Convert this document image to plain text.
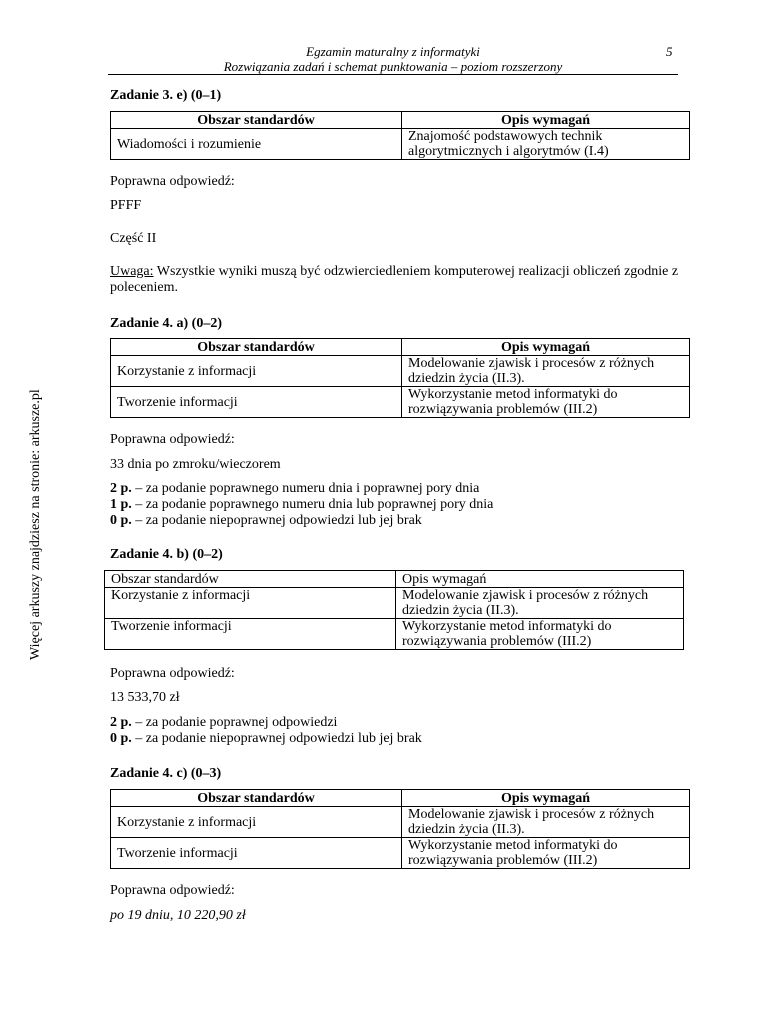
Egzamin maturalny z informatyki
Rozwiązania zadań i schemat punktowania – poziom rozszerzony
5
Więcej arkuszy znajdziesz na stronie: arkusze.pl
Zadanie 3. e) (0–1)
Obszar standardów	Opis wymagań
Wiadomości i rozumienie	Znajomość podstawowych technik algorytmicznych i algorytmów (I.4)
Poprawna odpowiedź:
PFFF
Część II
Uwaga: Wszystkie wyniki muszą być odzwierciedleniem komputerowej realizacji obliczeń zgodnie z poleceniem.
Zadanie 4. a) (0–2)
Obszar standardów	Opis wymagań
Korzystanie z informacji	Modelowanie zjawisk i procesów z różnych dziedzin życia (II.3).
Tworzenie informacji	Wykorzystanie metod informatyki do rozwiązywania problemów (III.2)
Poprawna odpowiedź:
33 dnia po zmroku/wieczorem
2 p. – za podanie poprawnego numeru dnia i poprawnej pory dnia
1 p. – za podanie poprawnego numeru dnia lub poprawnej pory dnia
0 p. – za podanie niepoprawnej odpowiedzi lub jej brak
Zadanie 4. b) (0–2)
Obszar standardów	Opis wymagań
Korzystanie z informacji	Modelowanie zjawisk i procesów z różnych dziedzin życia (II.3).
Tworzenie informacji	Wykorzystanie metod informatyki do rozwiązywania problemów (III.2)
Poprawna odpowiedź:
13 533,70 zł
2 p. – za podanie poprawnej odpowiedzi
0 p. – za podanie niepoprawnej odpowiedzi lub jej brak
Zadanie 4. c) (0–3)
Obszar standardów	Opis wymagań
Korzystanie z informacji	Modelowanie zjawisk i procesów z różnych dziedzin życia (II.3).
Tworzenie informacji	Wykorzystanie metod informatyki do rozwiązywania problemów (III.2)
Poprawna odpowiedź:
po 19 dniu, 10 220,90 zł
